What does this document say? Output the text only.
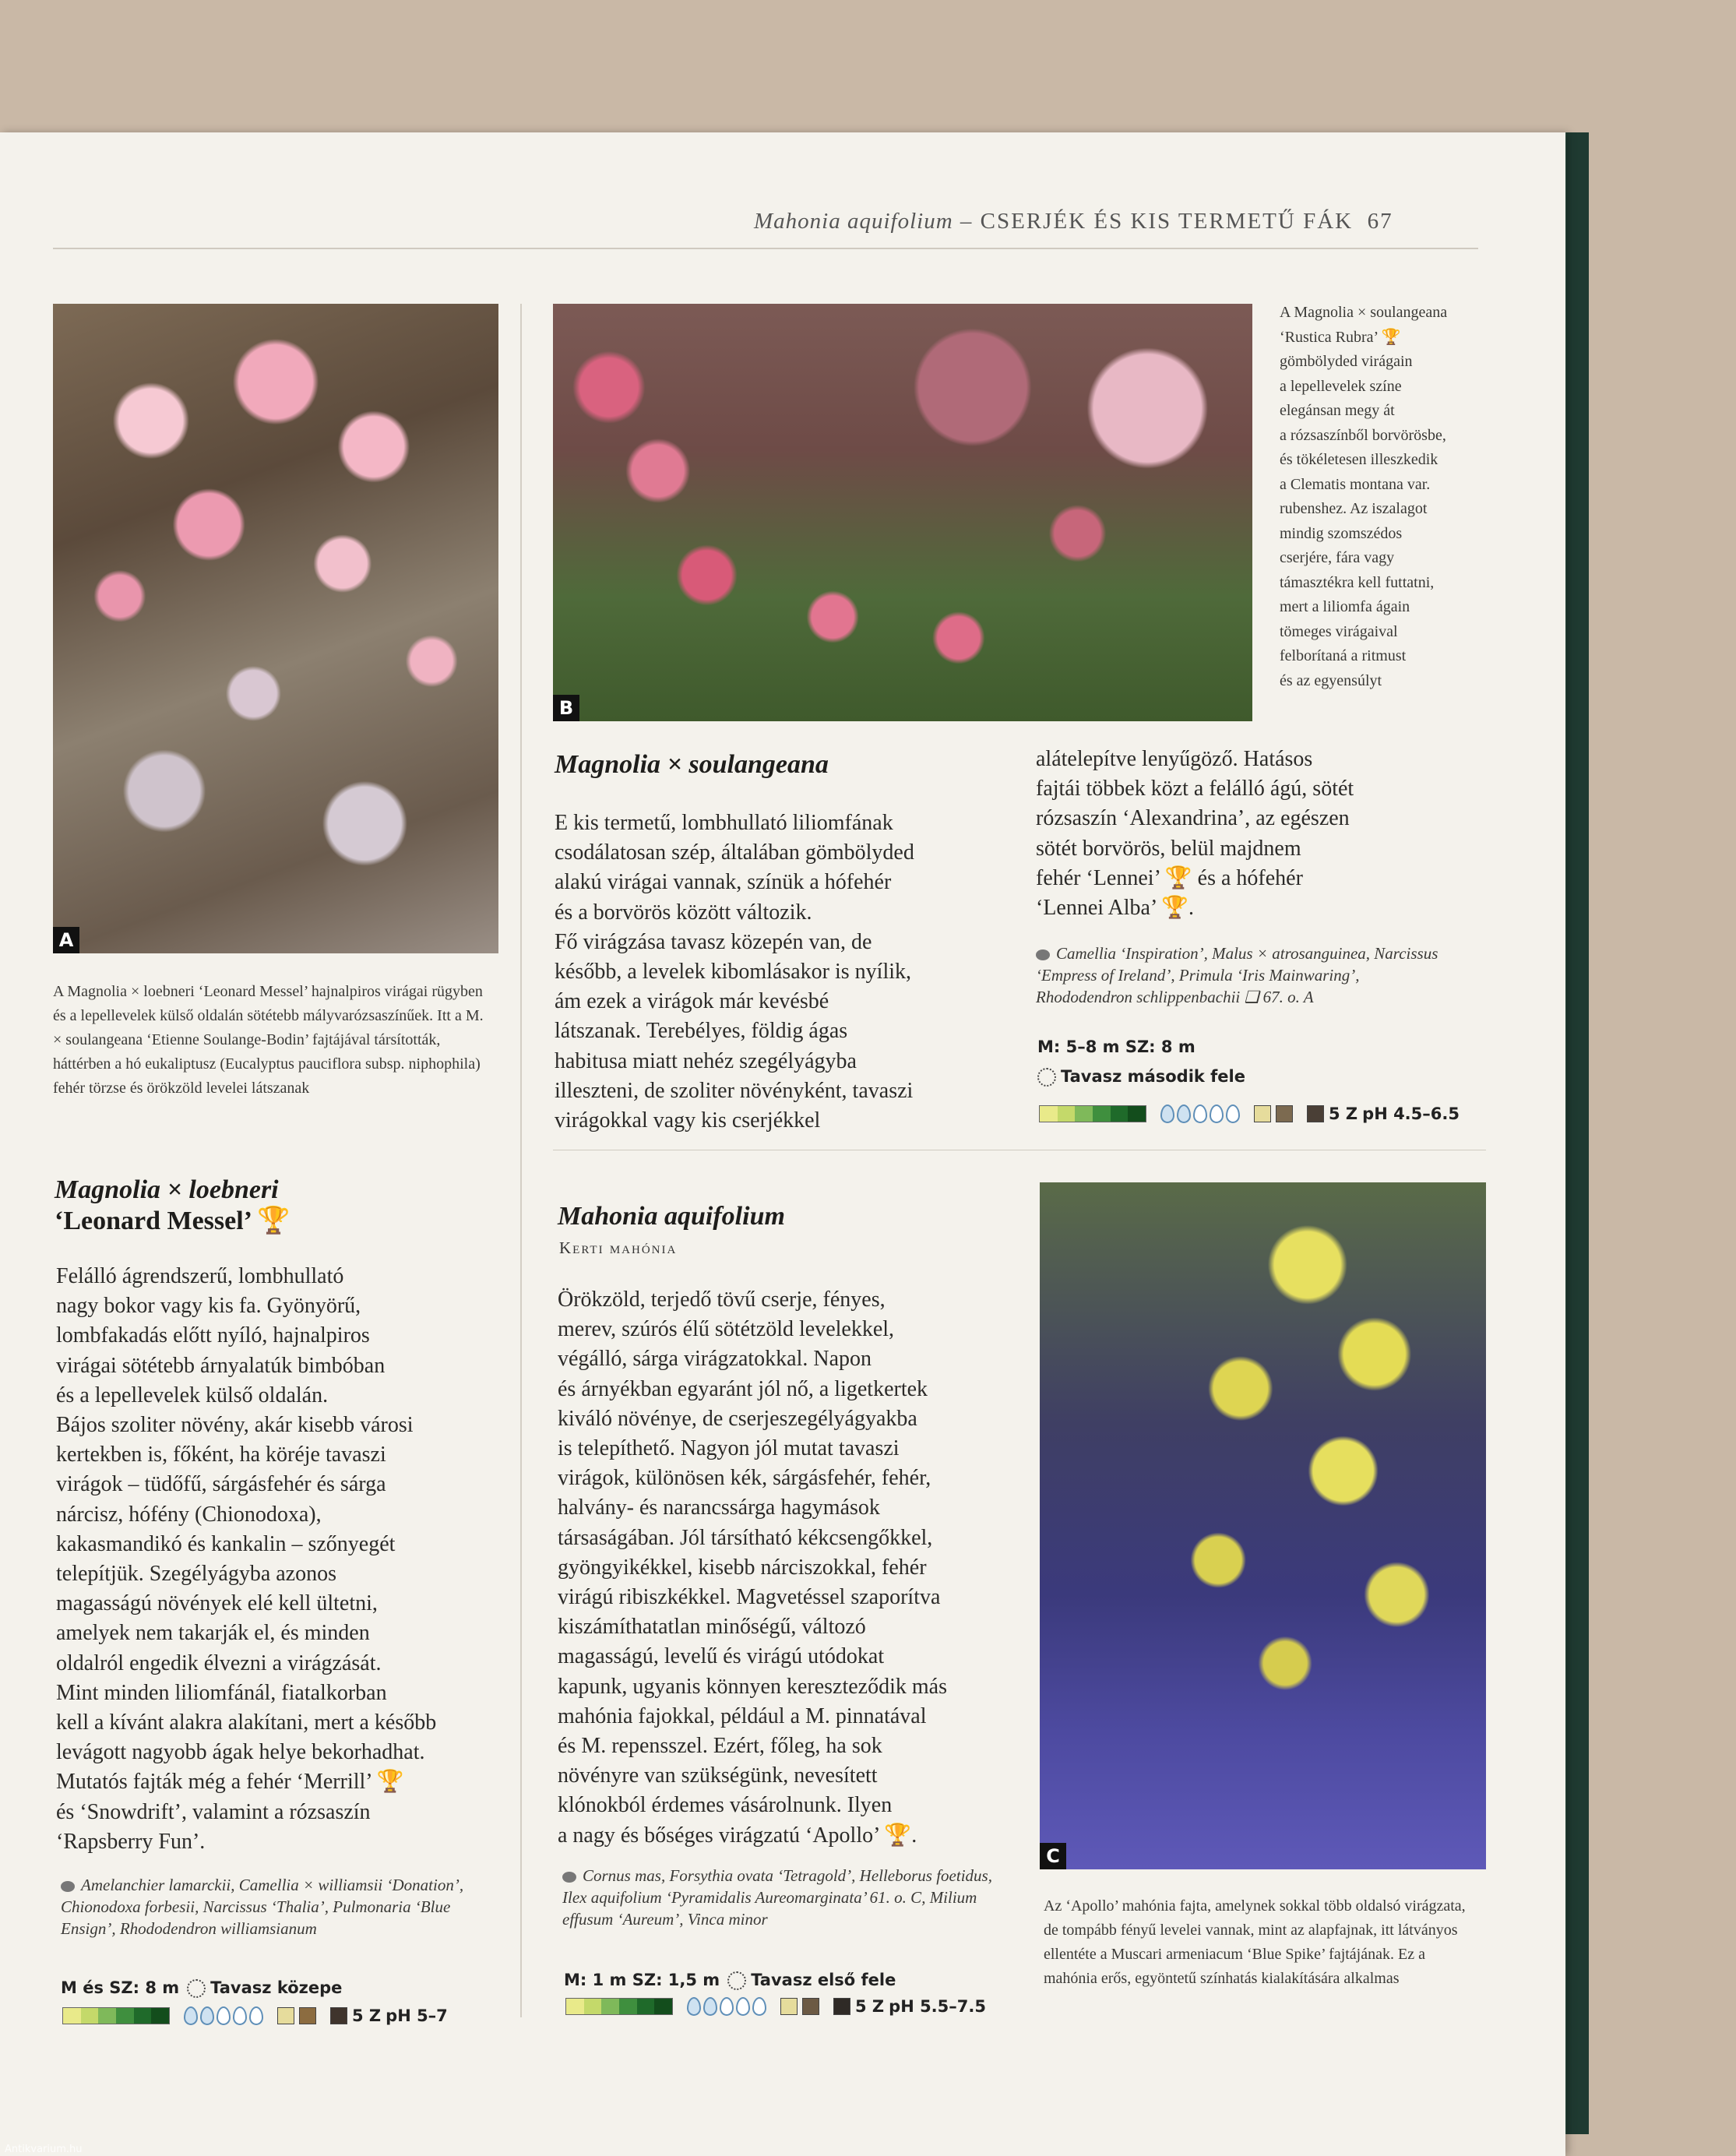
Mahonia aquifolium – CSERJÉK ÉS KIS TERMETŰ FÁK 67
A
A Magnolia × loebneri ‘Leonard Messel’ hajnalpiros virágai rügyben és a lepellevelek külső oldalán sötétebb mályvarózsaszínűek. Itt a M. × soulangeana ‘Etienne Soulange-Bodin’ fajtájával társították, háttérben a hó eukaliptusz (Eucalyptus pauciflora subsp. niphophila) fehér törzse és örökzöld levelei látszanak
B
A Magnolia × soulangeana
‘Rustica Rubra’ 🏆
gömbölyded virágain
a lepellevelek színe
elegánsan megy át
a rózsaszínből borvörösbe,
és tökéletesen illeszkedik
a Clematis montana var.
rubenshez. Az iszalagot
mindig szomszédos
cserjére, fára vagy
támasztékra kell futtatni,
mert a liliomfa ágain
tömeges virágaival
felborítaná a ritmust
és az egyensúlyt
Magnolia × soulangeana
E kis termetű, lombhullató liliomfának
csodálatosan szép, általában gömbölyded
alakú virágai vannak, színük a hófehér
és a borvörös között változik.
Fő virágzása tavasz közepén van, de
később, a levelek kibomlásakor is nyílik,
ám ezek a virágok már kevésbé
látszanak. Terebélyes, földig ágas
habitusa miatt nehéz szegélyágyba
illeszteni, de szoliter növényként, tavaszi
virágokkal vagy kis cserjékkel
alátelepítve lenyűgöző. Hatásos
fajtái többek közt a felálló ágú, sötét
rózsaszín ‘Alexandrina’, az egészen
sötét borvörös, belül majdnem
fehér ‘Lennei’ 🏆 és a hófehér
‘Lennei Alba’ 🏆.
Camellia ‘Inspiration’, Malus × atrosanguinea, Narcissus ‘Empress of Ireland’, Primula ‘Iris Mainwaring’, Rhododendron schlippenbachii ❑ 67. o. A
M: 5–8 m SZ: 8 m
Tavasz második fele
5 Z pH 4.5–6.5
Magnolia × loebneri
‘Leonard Messel’ 🏆
Felálló ágrendszerű, lombhullató
nagy bokor vagy kis fa. Gyönyörű,
lombfakadás előtt nyíló, hajnalpiros
virágai sötétebb árnyalatúk bimbóban
és a lepellevelek külső oldalán.
Bájos szoliter növény, akár kisebb városi
kertekben is, főként, ha köréje tavaszi
virágok – tüdőfű, sárgásfehér és sárga
nárcisz, hófény (Chionodoxa),
kakasmandikó és kankalin – szőnyegét
telepítjük. Szegélyágyba azonos
magasságú növények elé kell ültetni,
amelyek nem takarják el, és minden
oldalról engedik élvezni a virágzását.
Mint minden liliomfánál, fiatalkorban
kell a kívánt alakra alakítani, mert a később
levágott nagyobb ágak helye bekorhadhat.
Mutatós fajták még a fehér ‘Merrill’ 🏆
és ‘Snowdrift’, valamint a rózsaszín
‘Rapsberry Fun’.
Amelanchier lamarckii, Camellia × williamsii ‘Donation’, Chionodoxa forbesii, Narcissus ‘Thalia’, Pulmonaria ‘Blue Ensign’, Rhododendron williamsianum
M és SZ: 8 m Tavasz közepe
5 Z pH 5–7
Mahonia aquifolium
Kerti mahónia
Örökzöld, terjedő tövű cserje, fényes,
merev, szúrós élű sötétzöld levelekkel,
végálló, sárga virágzatokkal. Napon
és árnyékban egyaránt jól nő, a ligetkertek
kiváló növénye, de cserjeszegélyágyakba
is telepíthető. Nagyon jól mutat tavaszi
virágok, különösen kék, sárgásfehér, fehér,
halvány- és narancssárga hagymások
társaságában. Jól társítható kékcsengőkkel,
gyöngyikékkel, kisebb nárciszokkal, fehér
virágú ribiszkékkel. Magvetéssel szaporítva
kiszámíthatatlan minőségű, változó
magasságú, levelű és virágú utódokat
kapunk, ugyanis könnyen kereszteződik más
mahónia fajokkal, például a M. pinnatával
és M. repensszel. Ezért, főleg, ha sok
növényre van szükségünk, nevesített
klónokból érdemes vásárolnunk. Ilyen
a nagy és bőséges virágzatú ‘Apollo’ 🏆.
Cornus mas, Forsythia ovata ‘Tetragold’, Helleborus foetidus, Ilex aquifolium ‘Pyramidalis Aureomarginata’ 61. o. C, Milium effusum ‘Aureum’, Vinca minor
M: 1 m SZ: 1,5 m Tavasz első fele
5 Z pH 5.5–7.5
C
Az ‘Apollo’ mahónia fajta, amelynek sokkal több oldalsó virágzata, de tompább fényű levelei vannak, mint az alapfajnak, itt látványos ellentéte a Muscari armeniacum ‘Blue Spike’ fajtájának. Ez a mahónia erős, egyöntetű színhatás kialakítására alkalmas
Antikvarium.hu
